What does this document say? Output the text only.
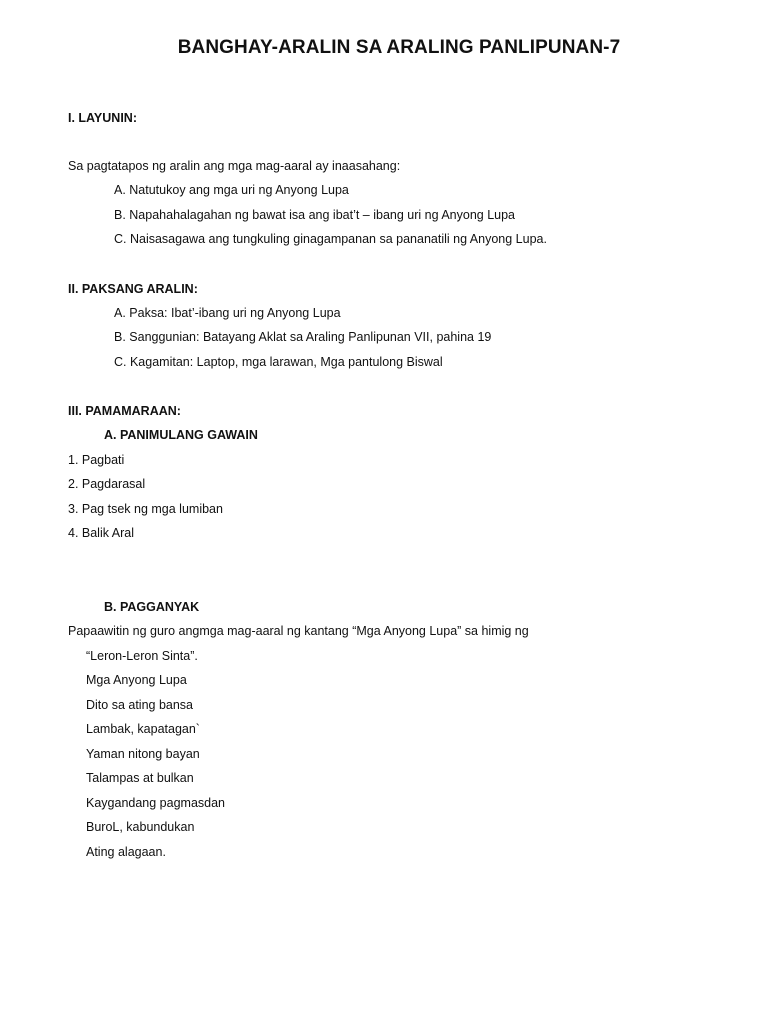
BANGHAY-ARALIN SA ARALING PANLIPUNAN-7
I. LAYUNIN:
Sa pagtatapos ng aralin ang mga mag-aaral ay inaasahang:
A. Natutukoy ang mga uri ng Anyong Lupa
B. Napahahalagahan ng bawat isa ang ibat’t – ibang uri ng Anyong Lupa
C. Naisasagawa ang tungkuling ginagampanan sa pananatili ng Anyong Lupa.
II. PAKSANG ARALIN:
A. Paksa: Ibat’-ibang uri ng Anyong Lupa
B. Sanggunian: Batayang Aklat sa Araling Panlipunan VII, pahina 19
C. Kagamitan: Laptop, mga larawan, Mga pantulong Biswal
III. PAMAMARAAN:
A. PANIMULANG GAWAIN
1. Pagbati
2. Pagdarasal
3. Pag tsek ng mga lumiban
4. Balik Aral
B. PAGGANYAK
Papaawitin ng guro angmga mag-aaral ng kantang “Mga Anyong Lupa” sa himig ng
“Leron-Leron Sinta”.
Mga Anyong Lupa
Dito sa ating bansa
Lambak, kapatagan`
Yaman nitong bayan
Talampas at bulkan
Kaygandang pagmasdan
BuroL, kabundukan
Ating alagaan.
